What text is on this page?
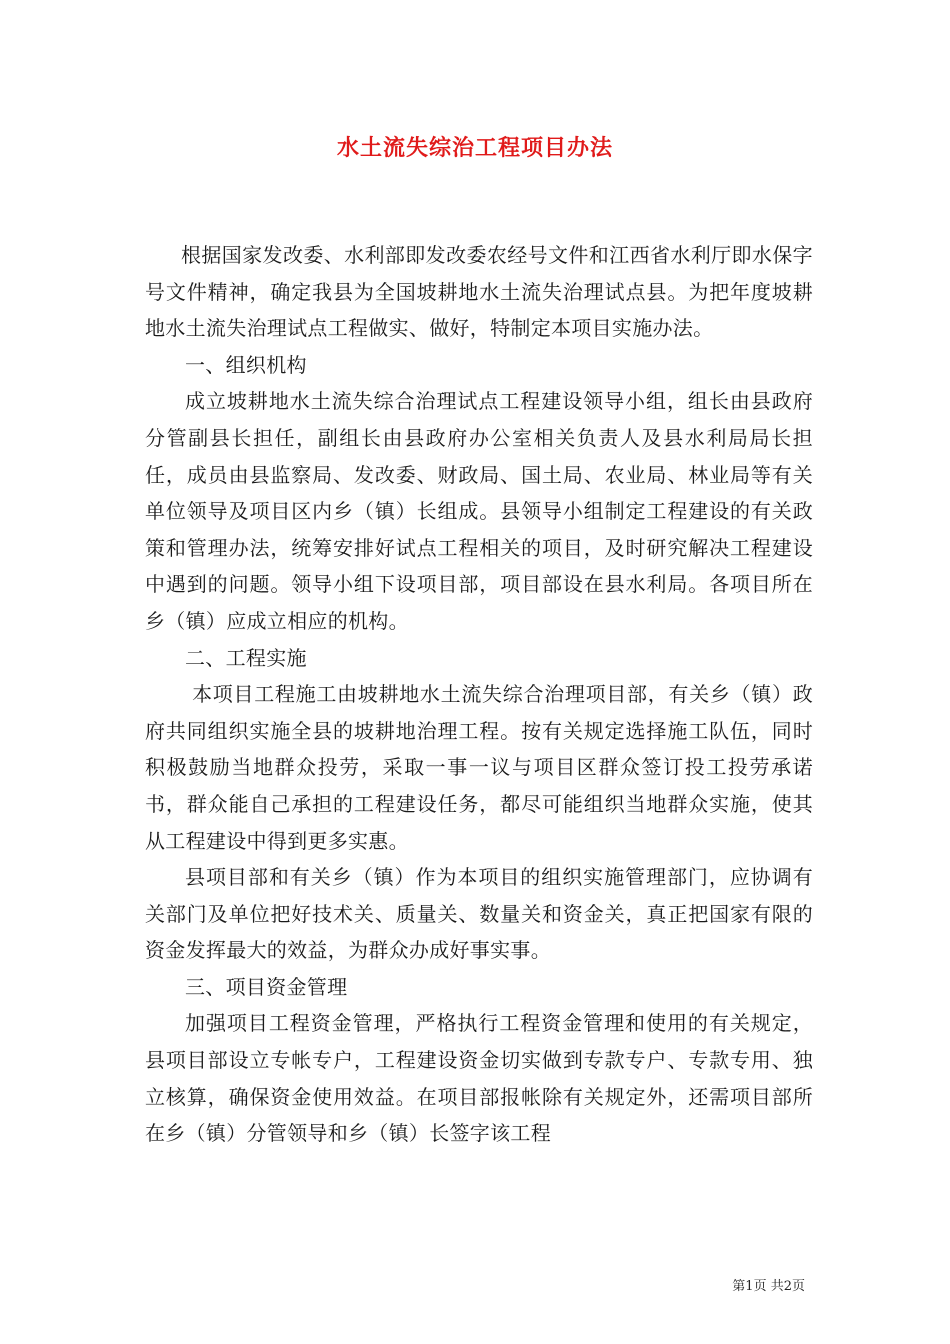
水土流失综治工程项目办法

根据国家发改委、水利部即发改委农经号文件和江西省水利厅即水保字号文件精神，确定我县为全国坡耕地水土流失治理试点县。为把年度坡耕地水土流失治理试点工程做实、做好，特制定本项目实施办法。

一、组织机构

成立坡耕地水土流失综合治理试点工程建设领导小组，组长由县政府分管副县长担任，副组长由县政府办公室相关负责人及县水利局局长担任，成员由县监察局、发改委、财政局、国土局、农业局、林业局等有关单位领导及项目区内乡（镇）长组成。县领导小组制定工程建设的有关政策和管理办法，统筹安排好试点工程相关的项目，及时研究解决工程建设中遇到的问题。领导小组下设项目部，项目部设在县水利局。各项目所在乡（镇）应成立相应的机构。

二、工程实施

本项目工程施工由坡耕地水土流失综合治理项目部，有关乡（镇）政府共同组织实施全县的坡耕地治理工程。按有关规定选择施工队伍，同时积极鼓励当地群众投劳，采取一事一议与项目区群众签订投工投劳承诺书，群众能自己承担的工程建设任务，都尽可能组织当地群众实施，使其从工程建设中得到更多实惠。

县项目部和有关乡（镇）作为本项目的组织实施管理部门，应协调有关部门及单位把好技术关、质量关、数量关和资金关，真正把国家有限的资金发挥最大的效益，为群众办成好事实事。

三、项目资金管理

加强项目工程资金管理，严格执行工程资金管理和使用的有关规定，县项目部设立专帐专户，工程建设资金切实做到专款专户、专款专用、独立核算，确保资金使用效益。在项目部报帐除有关规定外，还需项目部所在乡（镇）分管领导和乡（镇）长签字该工程

第1页 共2页
